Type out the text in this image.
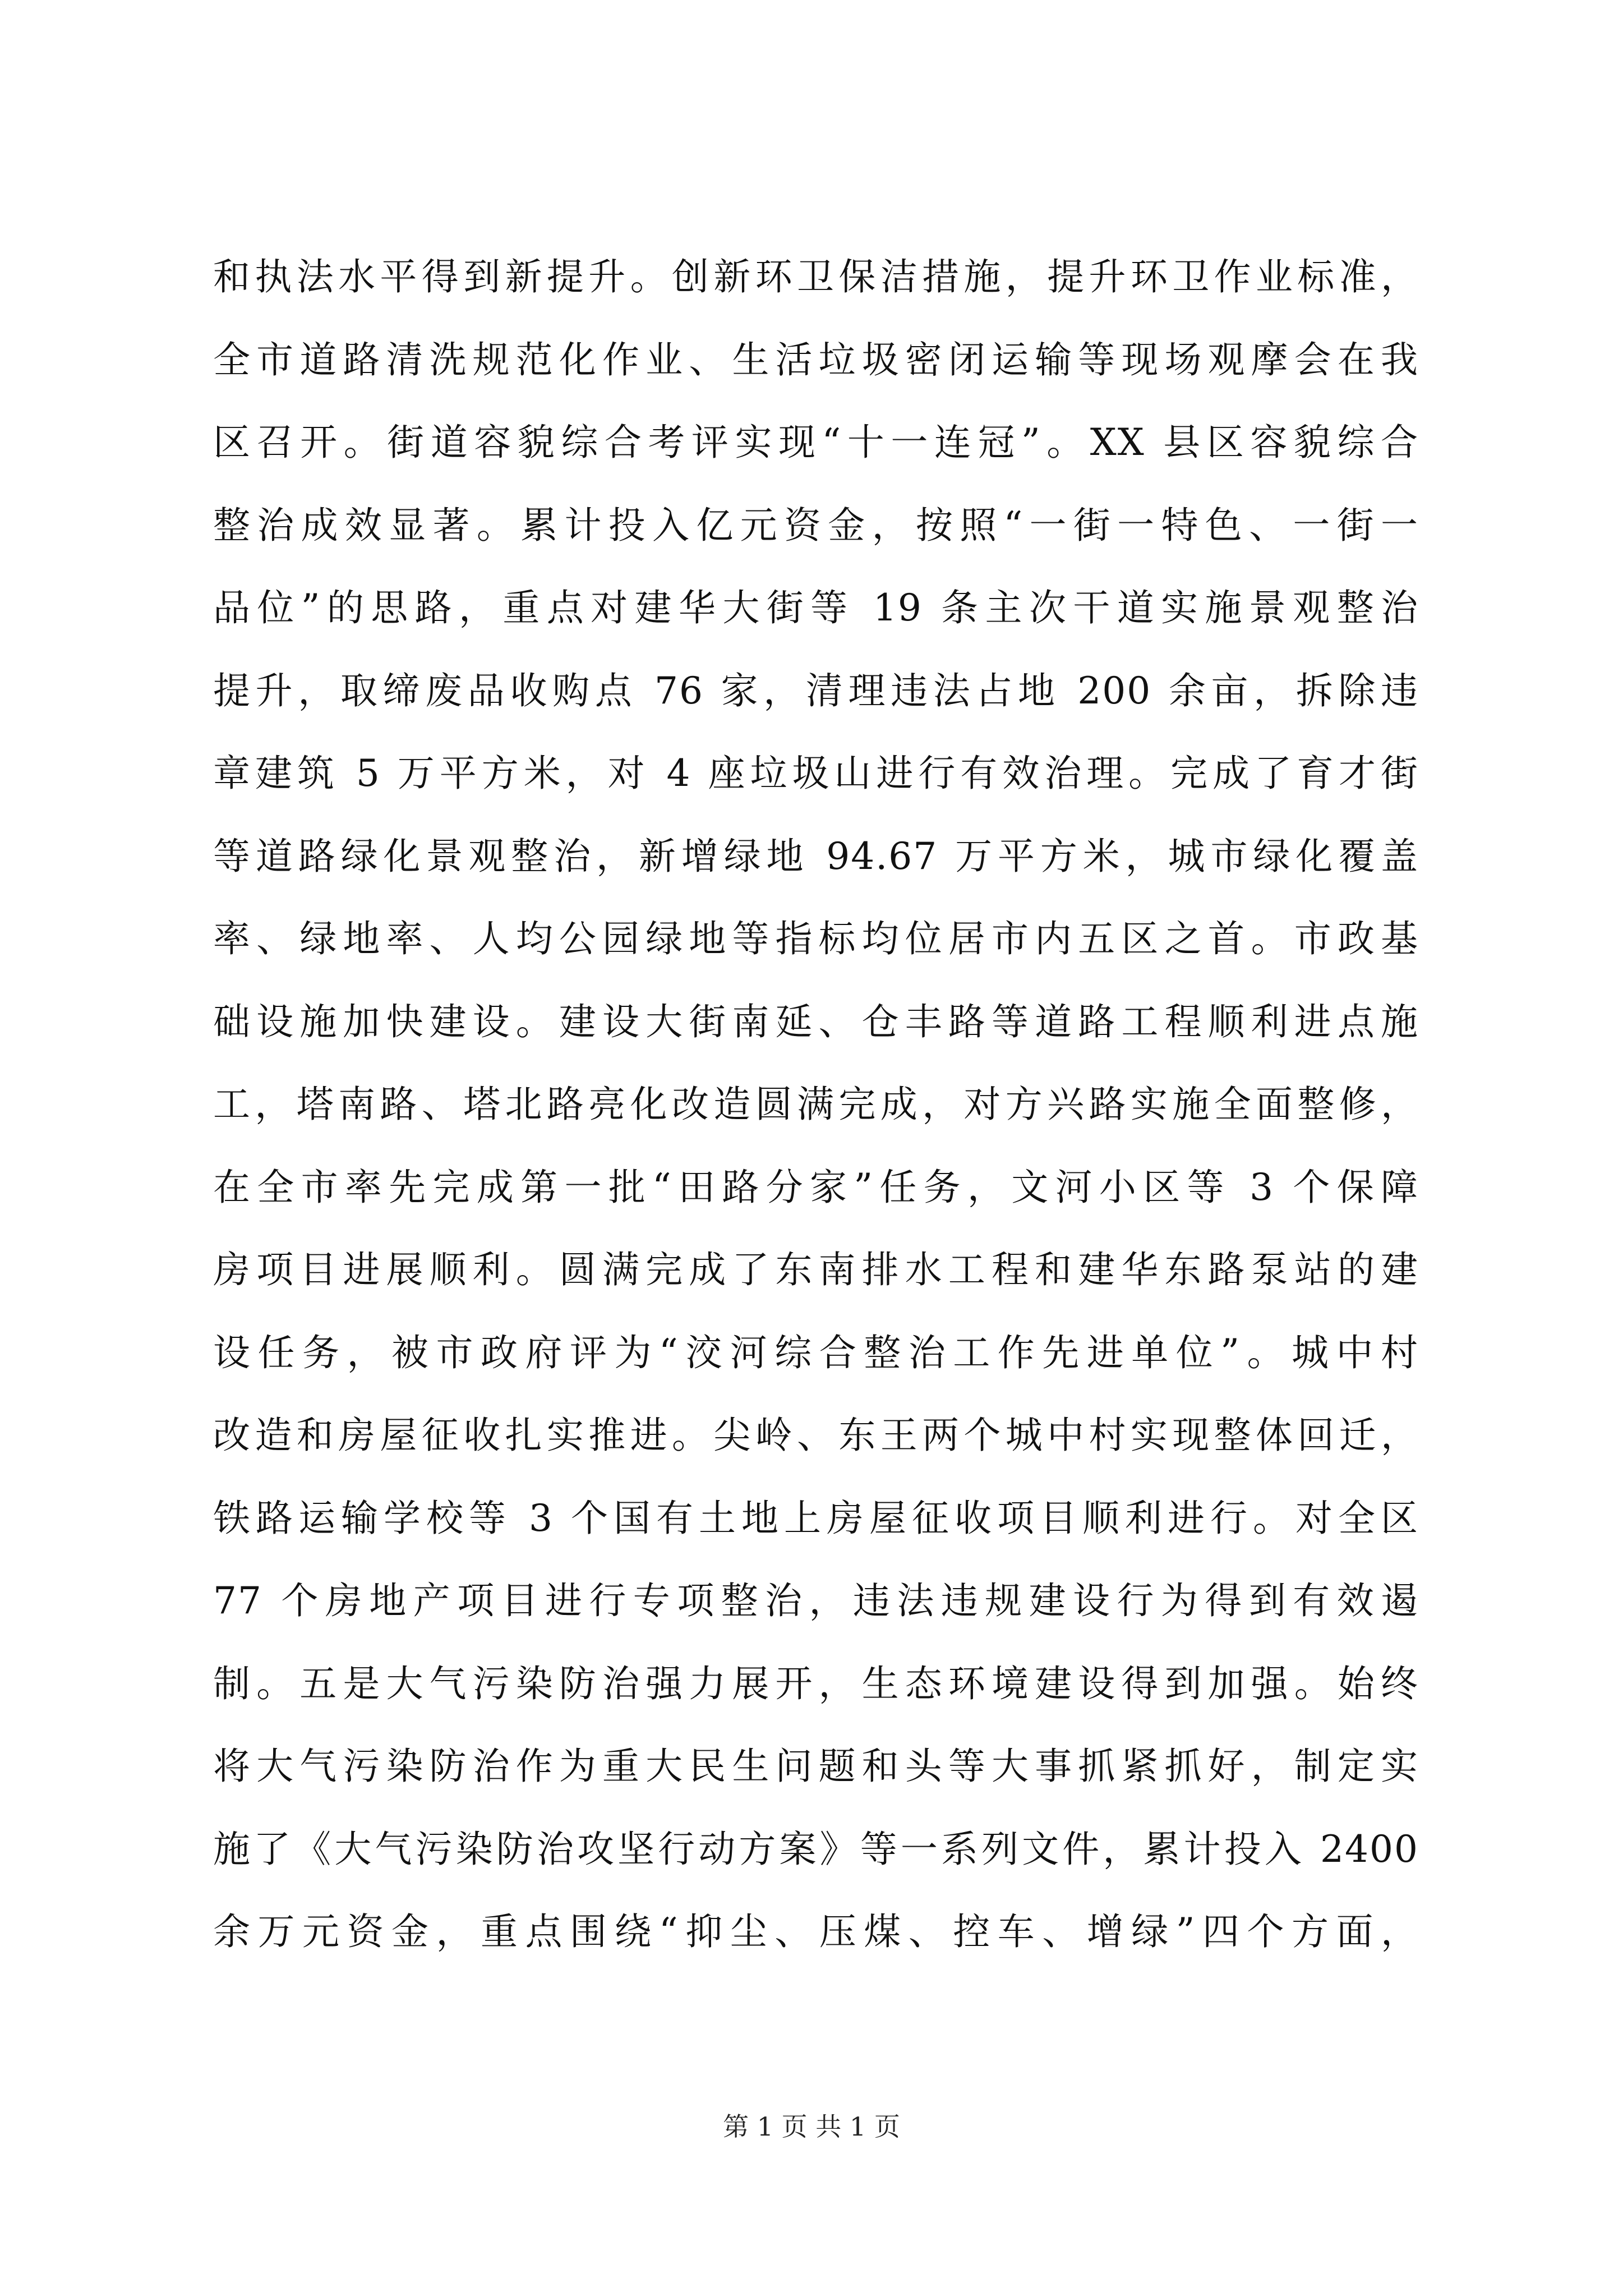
和执法水平得到新提升。创新环卫保洁措施，提升环卫作业标准，
全市道路清洗规范化作业、生活垃圾密闭运输等现场观摩会在我
区召开。街道容貌综合考评实现“十一连冠”。XX 县区容貌综合
整治成效显著。累计投入亿元资金，按照“一街一特色、一街一
品位”的思路，重点对建华大街等 19 条主次干道实施景观整治
提升，取缔废品收购点 76 家，清理违法占地 200 余亩，拆除违
章建筑 5 万平方米，对 4 座垃圾山进行有效治理。完成了育才街
等道路绿化景观整治，新增绿地 94.67 万平方米，城市绿化覆盖
率、绿地率、人均公园绿地等指标均位居市内五区之首。市政基
础设施加快建设。建设大街南延、仓丰路等道路工程顺利进点施
工，塔南路、塔北路亮化改造圆满完成，对方兴路实施全面整修，
在全市率先完成第一批“田路分家”任务，文河小区等 3 个保障
房项目进展顺利。圆满完成了东南排水工程和建华东路泵站的建
设任务，被市政府评为“洨河综合整治工作先进单位”。城中村
改造和房屋征收扎实推进。尖岭、东王两个城中村实现整体回迁，
铁路运输学校等 3 个国有土地上房屋征收项目顺利进行。对全区
77 个房地产项目进行专项整治，违法违规建设行为得到有效遏
制。五是大气污染防治强力展开，生态环境建设得到加强。始终
将大气污染防治作为重大民生问题和头等大事抓紧抓好，制定实
施了《大气污染防治攻坚行动方案》等一系列文件，累计投入 2400
余万元资金，重点围绕“抑尘、压煤、控车、增绿”四个方面，
第 1 页 共 1 页
